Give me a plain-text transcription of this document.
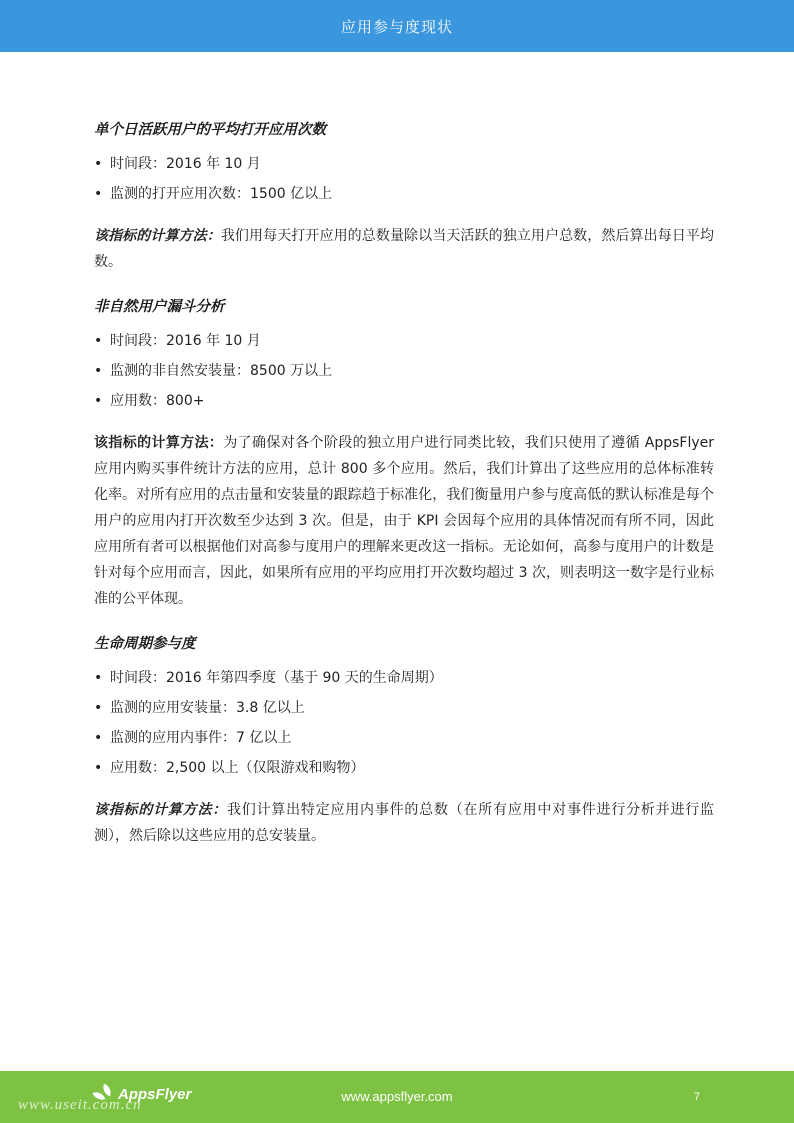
应用参与度现状
单个日活跃用户的平均打开应用次数
• 时间段：2016 年 10 月
• 监测的打开应用次数：1500 亿以上

该指标的计算方法：我们用每天打开应用的总数量除以当天活跃的独立用户总数，然后算出每日平均数。

非自然用户漏斗分析
• 时间段：2016 年 10 月
• 监测的非自然安装量：8500 万以上
• 应用数：800+

该指标的计算方法：为了确保对各个阶段的独立用户进行同类比较，我们只使用了遵循 AppsFlyer 应用内购买事件统计方法的应用，总计 800 多个应用。然后，我们计算出了这些应用的总体标准转化率。对所有应用的点击量和安装量的跟踪趋于标准化，我们衡量用户参与度高低的默认标准是每个用户的应用内打开次数至少达到 3 次。但是，由于 KPI 会因每个应用的具体情况而有所不同，因此应用所有者可以根据他们对高参与度用户的理解来更改这一指标。无论如何，高参与度用户的计数是针对每个应用而言，因此，如果所有应用的平均应用打开次数均超过 3 次，则表明这一数字是行业标准的公平体现。

生命周期参与度
• 时间段：2016 年第四季度（基于 90 天的生命周期）
• 监测的应用安装量：3.8 亿以上
• 监测的应用内事件：7 亿以上
• 应用数：2,500 以上（仅限游戏和购物）

该指标的计算方法：我们计算出特定应用内事件的总数（在所有应用中对事件进行分析并进行监测），然后除以这些应用的总安装量。

AppsFlyer	www.appsflyer.com	7
www.useit.com.cn
